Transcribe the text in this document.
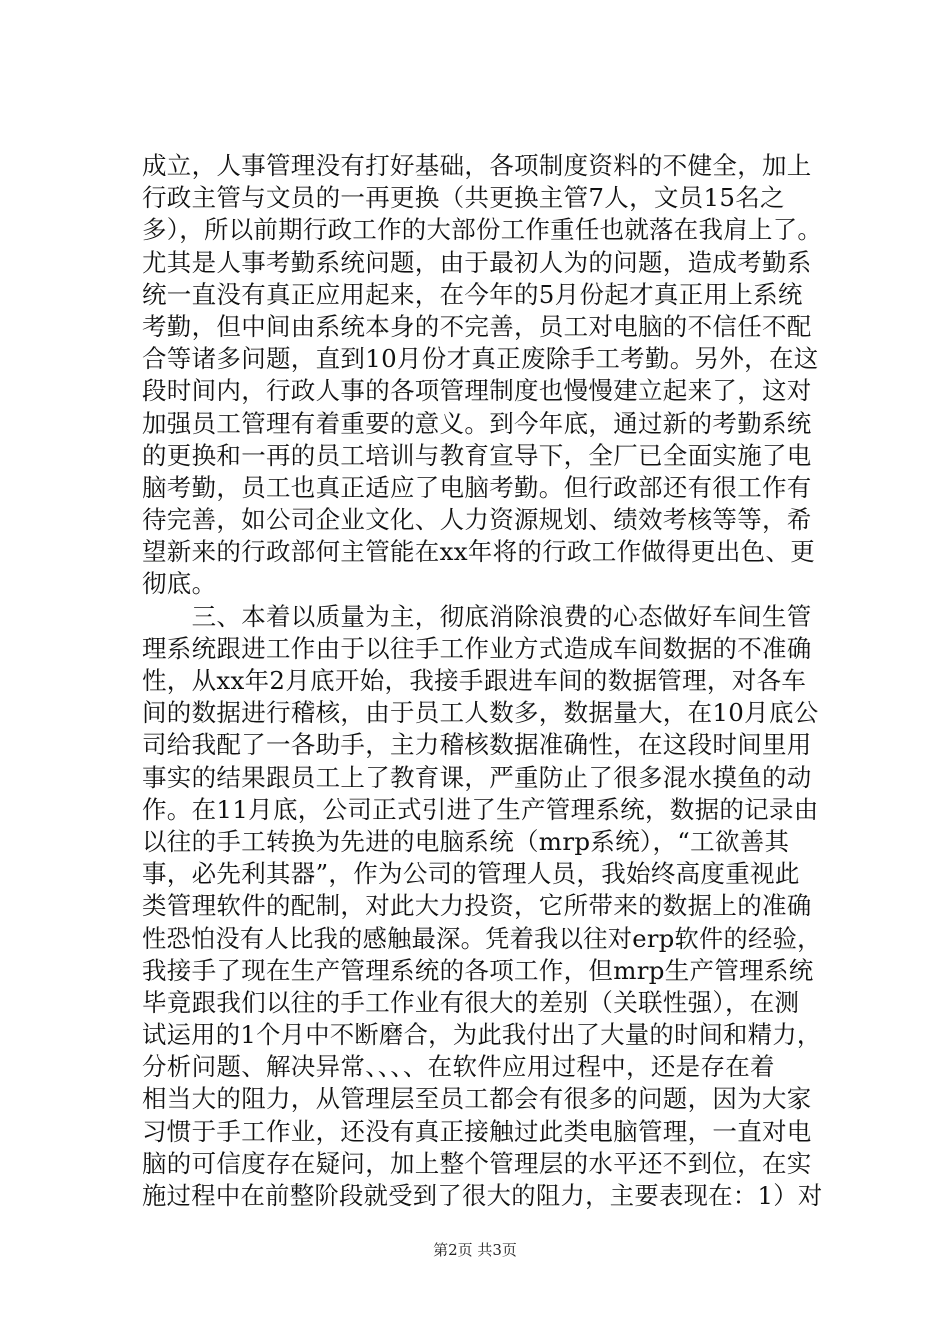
成立，人事管理没有打好基础，各项制度资料的不健全，加上
行政主管与文员的一再更换（共更换主管7人，文员15名之
多），所以前期行政工作的大部份工作重任也就落在我肩上了。
尤其是人事考勤系统问题，由于最初人为的问题，造成考勤系
统一直没有真正应用起来，在今年的5月份起才真正用上系统
考勤，但中间由系统本身的不完善，员工对电脑的不信任不配
合等诸多问题，直到10月份才真正废除手工考勤。另外，在这
段时间内，行政人事的各项管理制度也慢慢建立起来了，这对
加强员工管理有着重要的意义。到今年底，通过新的考勤系统
的更换和一再的员工培训与教育宣导下，全厂已全面实施了电
脑考勤，员工也真正适应了电脑考勤。但行政部还有很工作有
待完善，如公司企业文化、人力资源规划、绩效考核等等，希
望新来的行政部何主管能在xx年将的行政工作做得更出色、更
彻底。
　　三、本着以质量为主，彻底消除浪费的心态做好车间生管
理系统跟进工作由于以往手工作业方式造成车间数据的不准确
性，从xx年2月底开始，我接手跟进车间的数据管理，对各车
间的数据进行稽核，由于员工人数多，数据量大，在10月底公
司给我配了一各助手，主力稽核数据准确性，在这段时间里用
事实的结果跟员工上了教育课，严重防止了很多混水摸鱼的动
作。在11月底，公司正式引进了生产管理系统，数据的记录由
以往的手工转换为先进的电脑系统（mrp系统），“工欲善其
事，必先利其器”，作为公司的管理人员，我始终高度重视此
类管理软件的配制，对此大力投资，它所带来的数据上的准确
性恐怕没有人比我的感触最深。凭着我以往对erp软件的经验，
我接手了现在生产管理系统的各项工作，但mrp生产管理系统
毕竟跟我们以往的手工作业有很大的差别（关联性强），在测
试运用的1个月中不断磨合，为此我付出了大量的时间和精力，
分析问题、解决异常、、、、在软件应用过程中，还是存在着
相当大的阻力，从管理层至员工都会有很多的问题，因为大家
习惯于手工作业，还没有真正接触过此类电脑管理，一直对电
脑的可信度存在疑问，加上整个管理层的水平还不到位，在实
施过程中在前整阶段就受到了很大的阻力，主要表现在：1）对
第2页 共3页
